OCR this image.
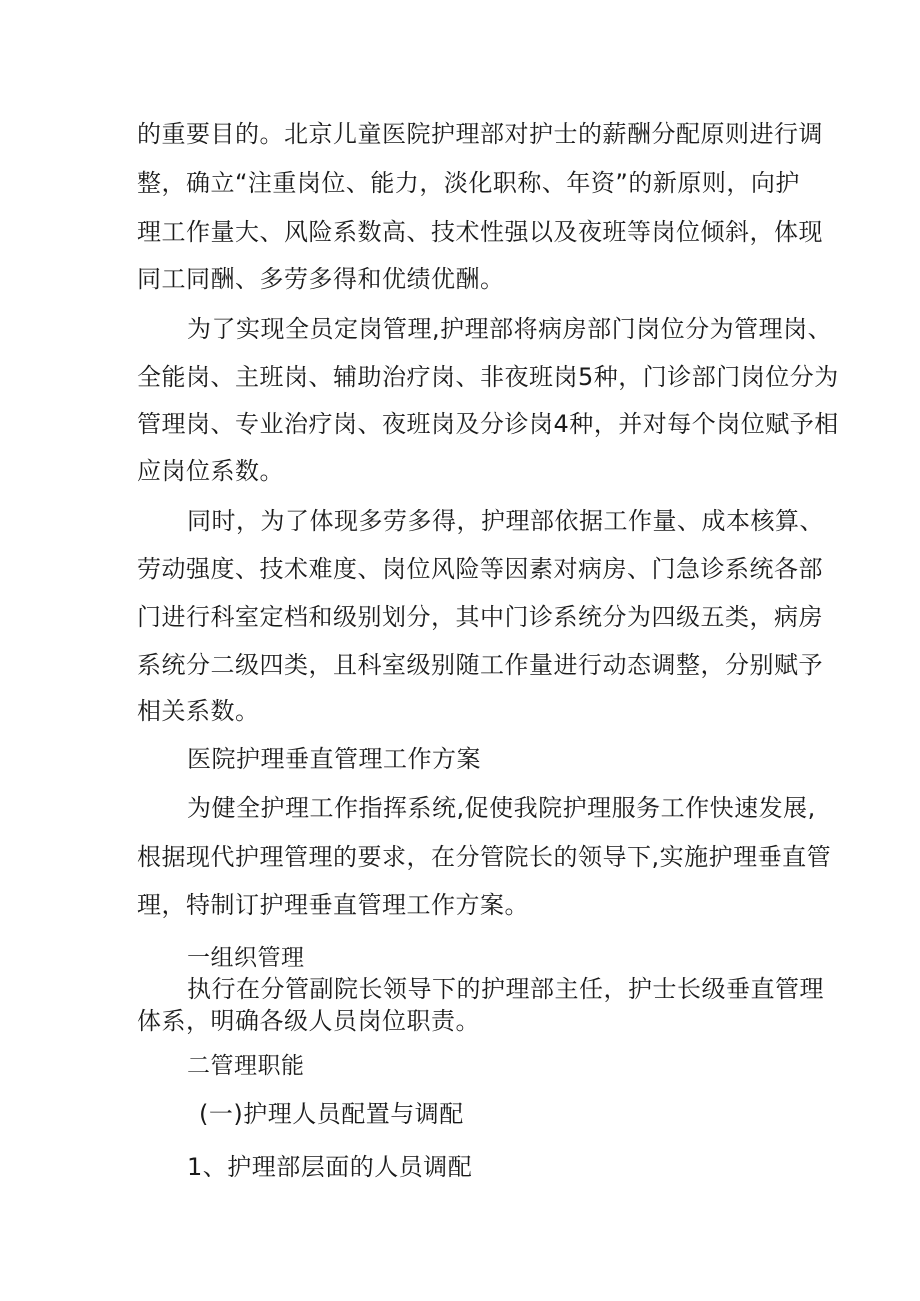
的重要目的。北京儿童医院护理部对护士的薪酬分配原则进行调
整，确立“注重岗位、能力，淡化职称、年资”的新原则，向护
理工作量大、风险系数高、技术性强以及夜班等岗位倾斜，体现
同工同酬、多劳多得和优绩优酬。
为了实现全员定岗管理,护理部将病房部门岗位分为管理岗、
全能岗、主班岗、辅助治疗岗、非夜班岗5种，门诊部门岗位分为
管理岗、专业治疗岗、夜班岗及分诊岗4种，并对每个岗位赋予相
应岗位系数。
同时，为了体现多劳多得，护理部依据工作量、成本核算、
劳动强度、技术难度、岗位风险等因素对病房、门急诊系统各部
门进行科室定档和级别划分，其中门诊系统分为四级五类，病房
系统分二级四类，且科室级别随工作量进行动态调整，分别赋予
相关系数。
医院护理垂直管理工作方案
为健全护理工作指挥系统,促使我院护理服务工作快速发展,
根据现代护理管理的要求，在分管院长的领导下,实施护理垂直管
理，特制订护理垂直管理工作方案。
一组织管理
执行在分管副院长领导下的护理部主任，护士长级垂直管理
体系，明确各级人员岗位职责。
二管理职能
(一)护理人员配置与调配
1、护理部层面的人员调配
